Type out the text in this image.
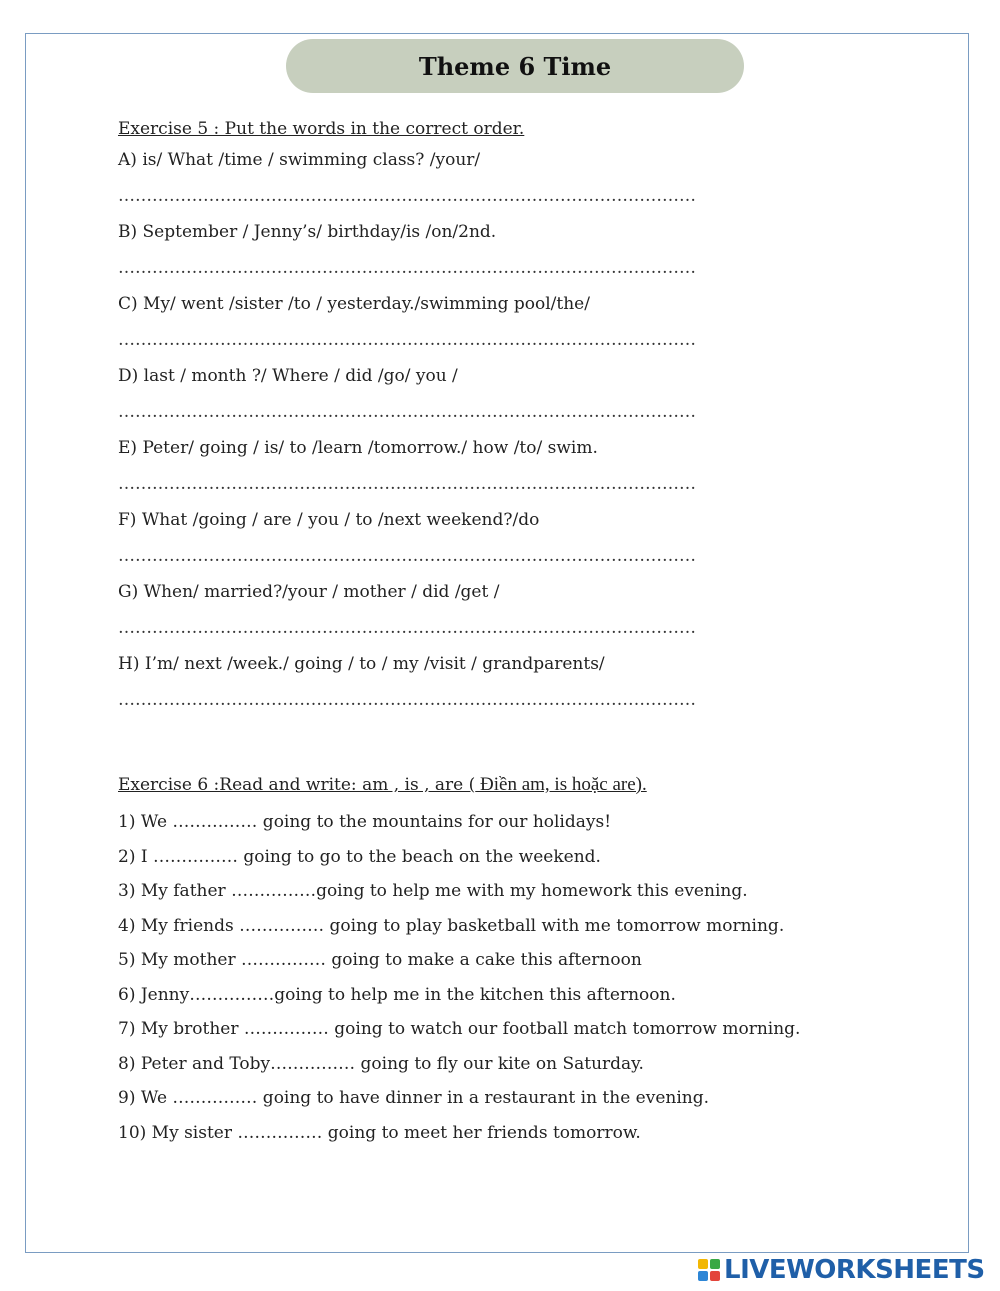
Theme 6 Time
Exercise 5 : Put the words in the correct order.
A) is/ What /time / swimming class? /your/
…………………………………………………………………………………………
B) September / Jenny’s/ birthday/is /on/2nd.
…………………………………………………………………………………………
C) My/ went /sister /to / yesterday./swimming pool/the/
…………………………………………………………………………………………
D) last / month ?/ Where / did /go/ you /
…………………………………………………………………………………………
E) Peter/ going / is/ to /learn /tomorrow./ how /to/ swim.
…………………………………………………………………………………………
F) What /going / are / you / to /next weekend?/do
…………………………………………………………………………………………
G) When/ married?/your / mother / did /get /
…………………………………………………………………………………………
H) I’m/ next /week./ going / to / my /visit / grandparents/
…………………………………………………………………………………………
Exercise 6 :Read and write: am , is , are ( Điền am, is hoặc are).
1) We …………… going to the mountains for our holidays!
2) I …………… going to go to the beach on the weekend.
3) My father ……………going to help me with my homework this evening.
4) My friends …………… going to play basketball with me tomorrow morning.
5) My mother …………… going to make a cake this afternoon
6) Jenny……………going to help me in the kitchen this afternoon.
7) My brother …………… going to watch our football match tomorrow morning.
8) Peter and Toby…………… going to fly our kite on Saturday.
9) We …………… going to have dinner in a restaurant in the evening.
10) My sister …………… going to meet her friends tomorrow.
LIVEWORKSHEETS
